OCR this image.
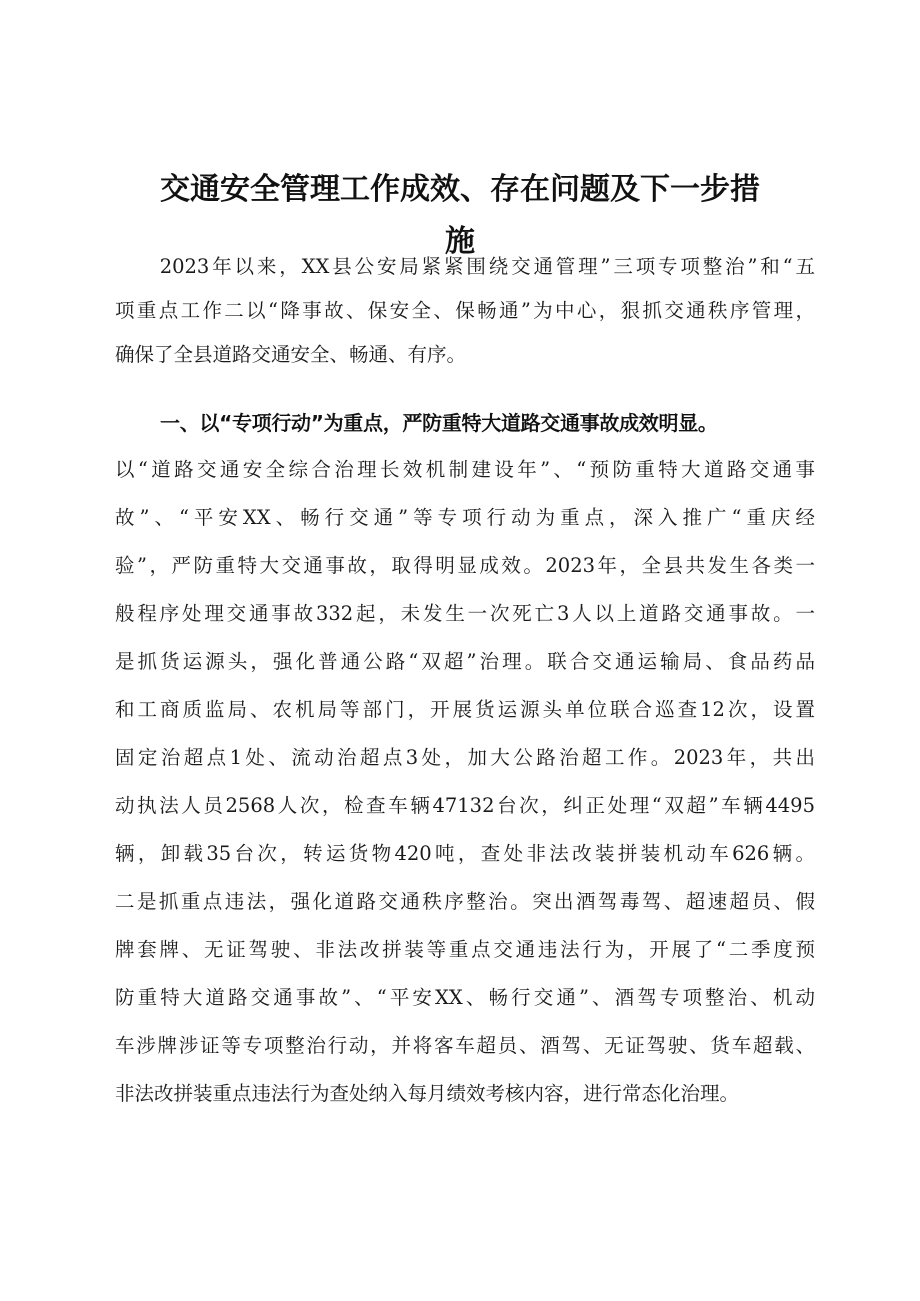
交通安全管理工作成效、存在问题及下一步措
施
　　2023年以来，XX县公安局紧紧围绕交通管理”三项专项整治”和“五
项重点工作二以“降事故、保安全、保畅通”为中心，狠抓交通秩序管理，
确保了全县道路交通安全、畅通、有序。
一、以“专项行动”为重点，严防重特大道路交通事故成效明显。
以“道路交通安全综合治理长效机制建设年”、“预防重特大道路交通事
故”、“平安XX、畅行交通”等专项行动为重点，深入推广“重庆经
验”，严防重特大交通事故，取得明显成效。2023年，全县共发生各类一
般程序处理交通事故332起，未发生一次死亡3人以上道路交通事故。一
是抓货运源头，强化普通公路“双超”治理。联合交通运输局、食品药品
和工商质监局、农机局等部门，开展货运源头单位联合巡查12次，设置
固定治超点1处、流动治超点3处，加大公路治超工作。2023年，共出
动执法人员2568人次，检查车辆47132台次，纠正处理“双超”车辆4495
辆，卸载35台次，转运货物420吨，查处非法改装拼装机动车626辆。
二是抓重点违法，强化道路交通秩序整治。突出酒驾毒驾、超速超员、假
牌套牌、无证驾驶、非法改拼装等重点交通违法行为，开展了“二季度预
防重特大道路交通事故”、“平安XX、畅行交通”、酒驾专项整治、机动
车涉牌涉证等专项整治行动，并将客车超员、酒驾、无证驾驶、货车超载、
非法改拼装重点违法行为查处纳入每月绩效考核内容，进行常态化治理。
